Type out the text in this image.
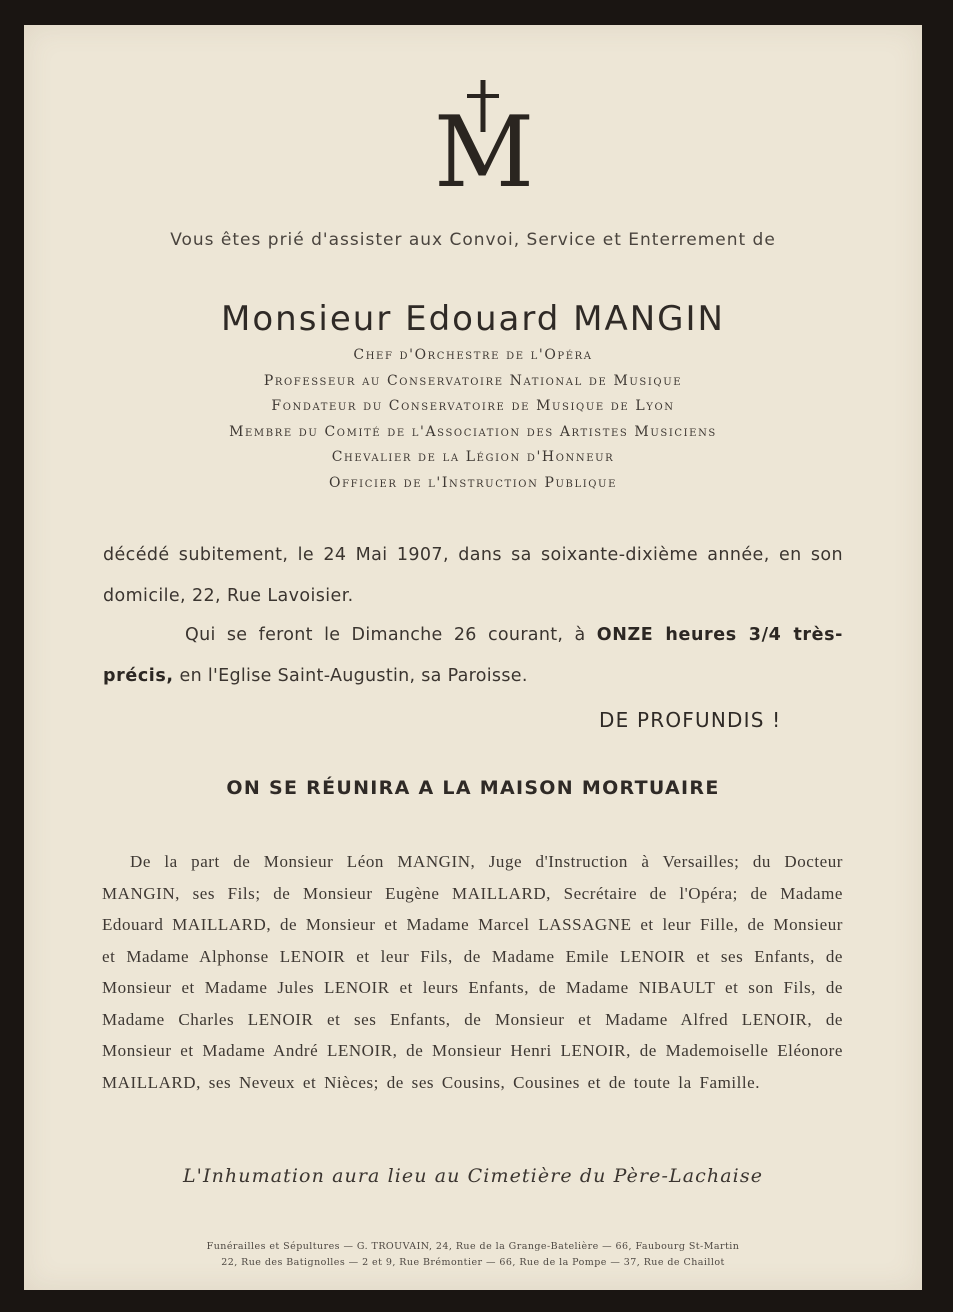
M
Vous êtes prié d'assister aux Convoi, Service et Enterrement de
Monsieur Edouard MANGIN
Chef d'Orchestre de l'Opéra
Professeur au Conservatoire National de Musique
Fondateur du Conservatoire de Musique de Lyon
Membre du Comité de l'Association des Artistes Musiciens
Chevalier de la Légion d'Honneur
Officier de l'Instruction Publique

décédé subitement, le 24 Mai 1907, dans sa soixante-dixième année, en son domicile, 22, Rue Lavoisier.

Qui se feront le Dimanche 26 courant, à ONZE heures 3/4 très-précis, en l'Eglise Saint-Augustin, sa Paroisse.

DE PROFUNDIS !
ON SE RÉUNIRA A LA MAISON MORTUAIRE

De la part de Monsieur Léon MANGIN, Juge d'Instruction à Versailles; du Docteur MANGIN, ses Fils; de Monsieur Eugène MAILLARD, Secrétaire de l'Opéra; de Madame Edouard MAILLARD, de Monsieur et Madame Marcel LASSAGNE et leur Fille, de Monsieur et Madame Alphonse LENOIR et leur Fils, de Madame Emile LENOIR et ses Enfants, de Monsieur et Madame Jules LENOIR et leurs Enfants, de Madame NIBAULT et son Fils, de Madame Charles LENOIR et ses Enfants, de Monsieur et Madame Alfred LENOIR, de Monsieur et Madame André LENOIR, de Monsieur Henri LENOIR, de Mademoiselle Eléonore MAILLARD, ses Neveux et Nièces; de ses Cousins, Cousines et de toute la Famille.

L'Inhumation aura lieu au Cimetière du Père-Lachaise
Funérailles et Sépultures — G. TROUVAIN, 24, Rue de la Grange-Batelière — 66, Faubourg St-Martin
22, Rue des Batignolles — 2 et 9, Rue Brémontier — 66, Rue de la Pompe — 37, Rue de Chaillot
